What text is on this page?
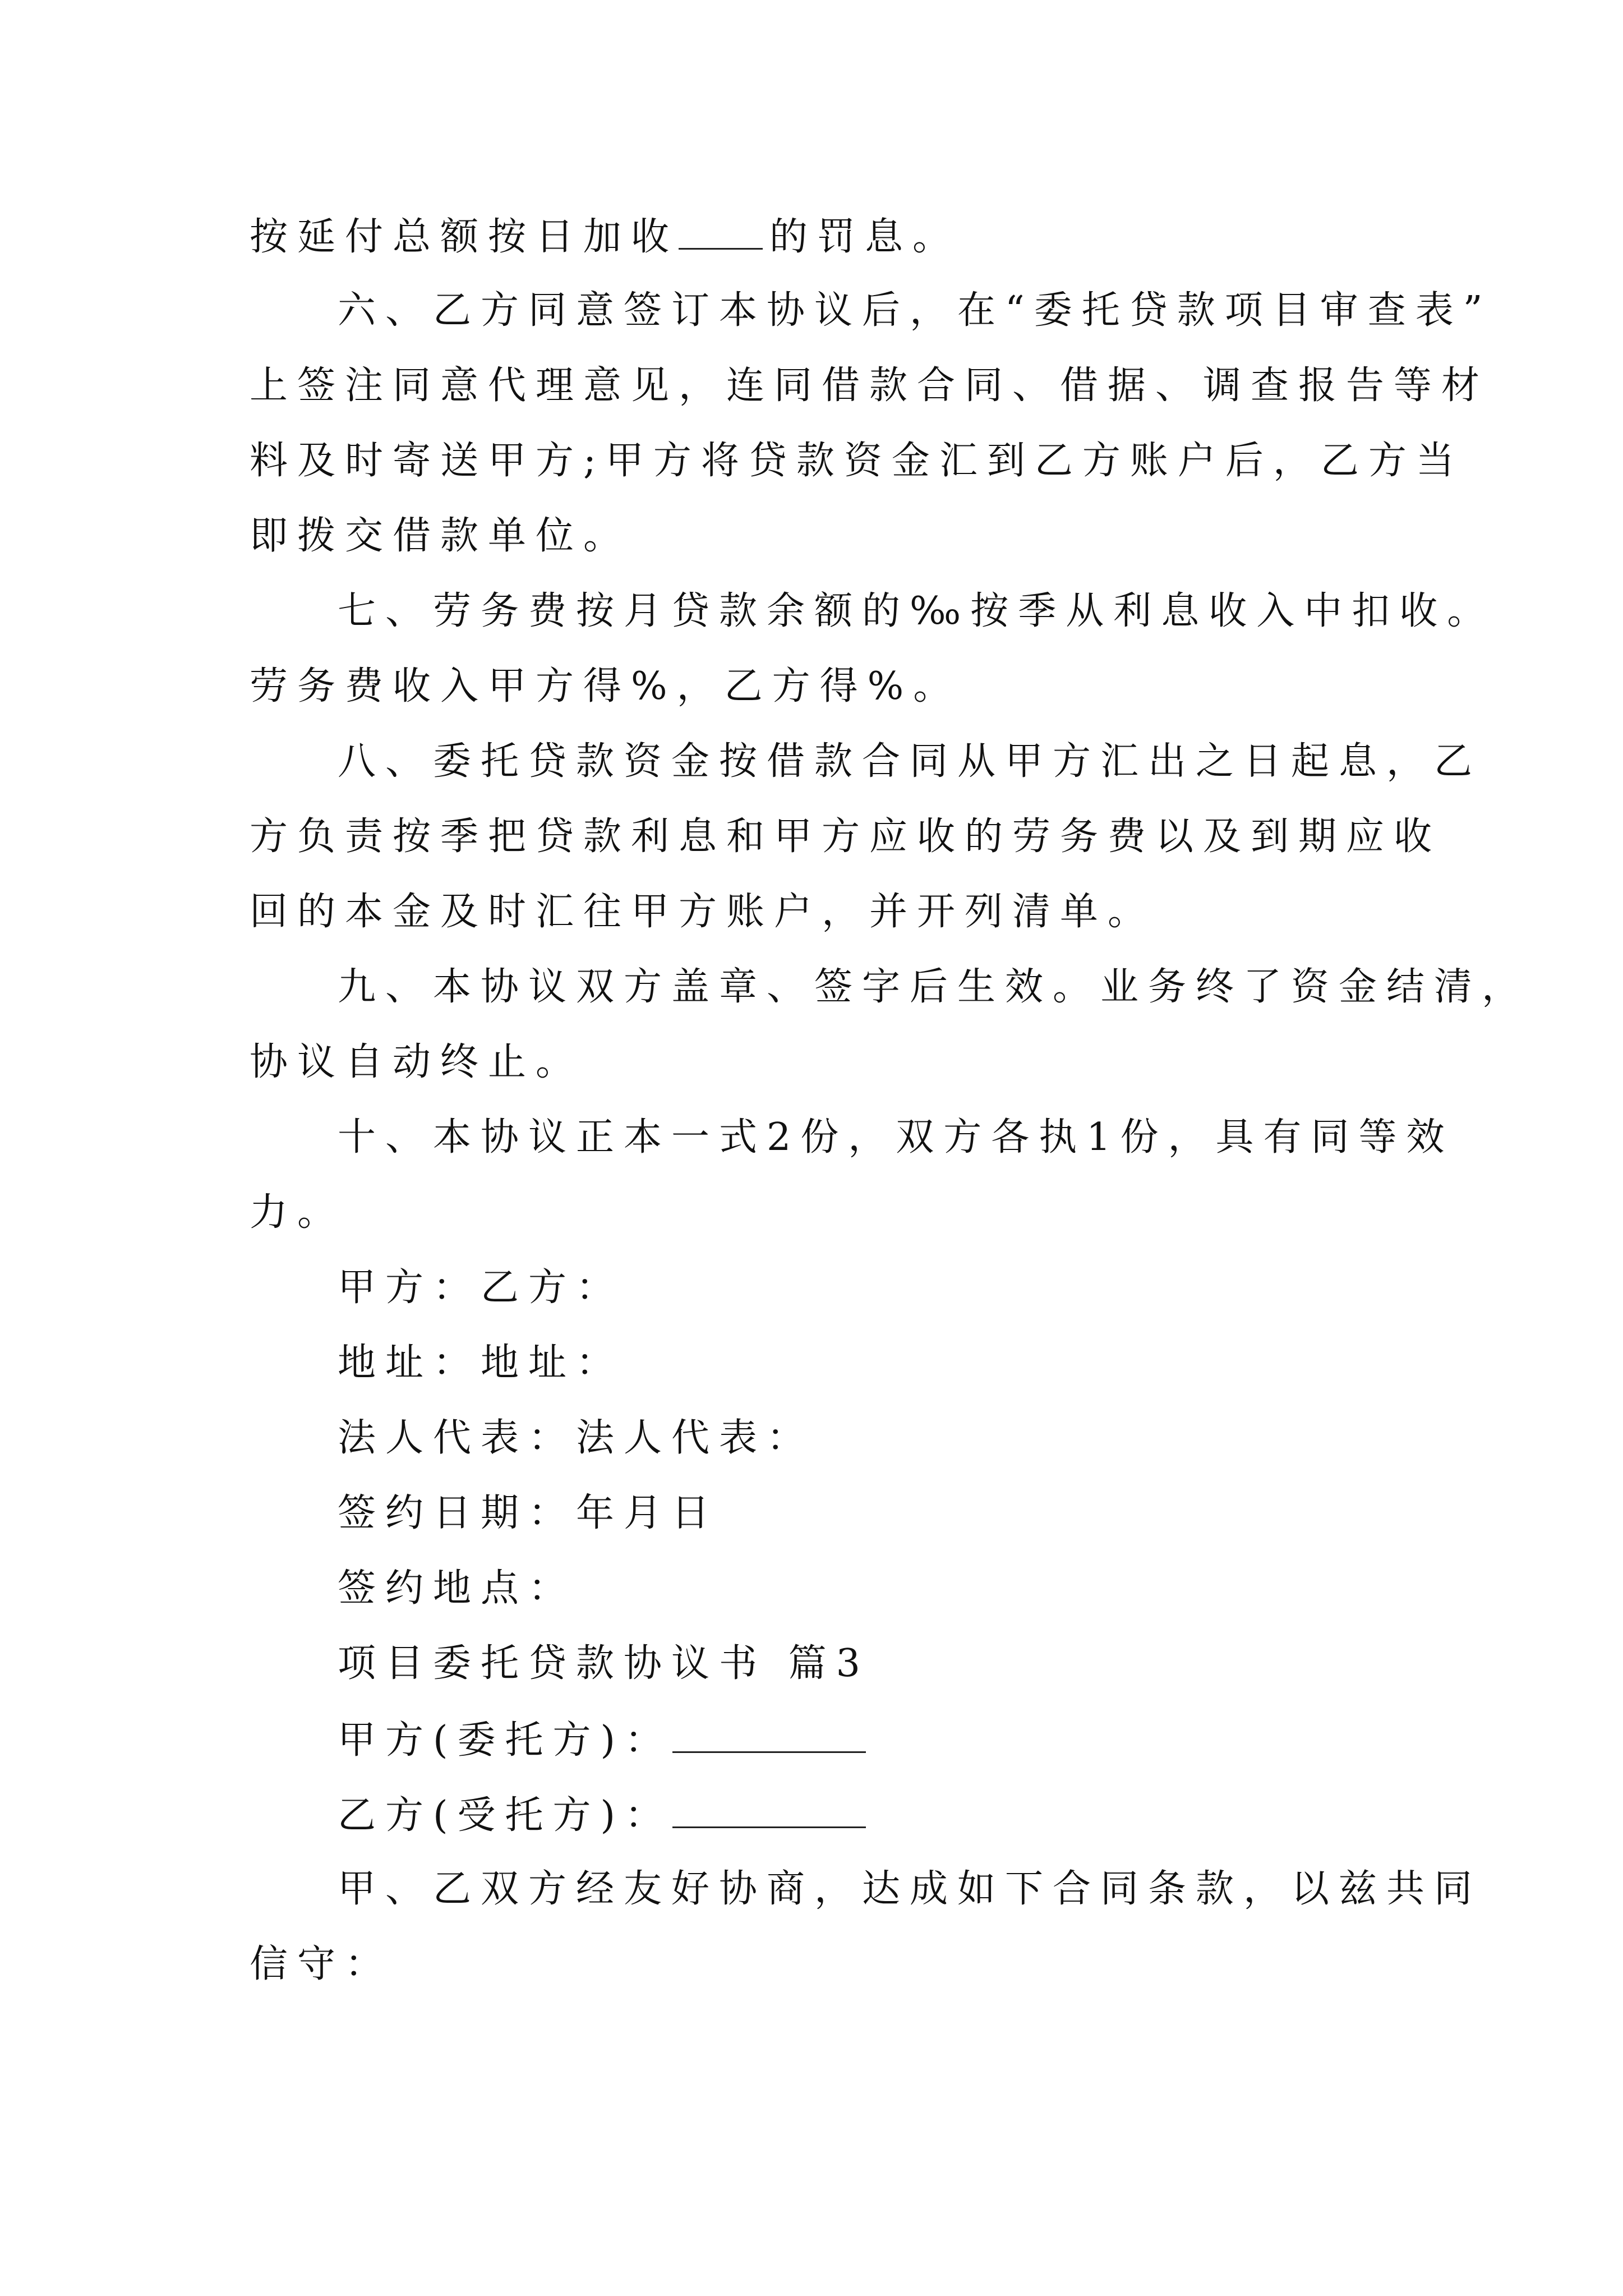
按延付总额按日加收 的罚息。
六、乙方同意签订本协议后，在“委托贷款项目审查表”
上签注同意代理意见，连同借款合同、借据、调查报告等材
料及时寄送甲方;甲方将贷款资金汇到乙方账户后，乙方当
即拨交借款单位。
七、劳务费按月贷款余额的‰按季从利息收入中扣收。
劳务费收入甲方得%，乙方得%。
八、委托贷款资金按借款合同从甲方汇出之日起息，乙
方负责按季把贷款利息和甲方应收的劳务费以及到期应收
回的本金及时汇往甲方账户，并开列清单。
九、本协议双方盖章、签字后生效。业务终了资金结清，
协议自动终止。
十、本协议正本一式2份，双方各执1份，具有同等效
力。
甲方：乙方：
地址：地址：
法人代表：法人代表：
签约日期：年月日
签约地点：
项目委托贷款协议书 篇3
甲方(委托方)：
乙方(受托方)：
甲、乙双方经友好协商，达成如下合同条款，以兹共同
信守：
